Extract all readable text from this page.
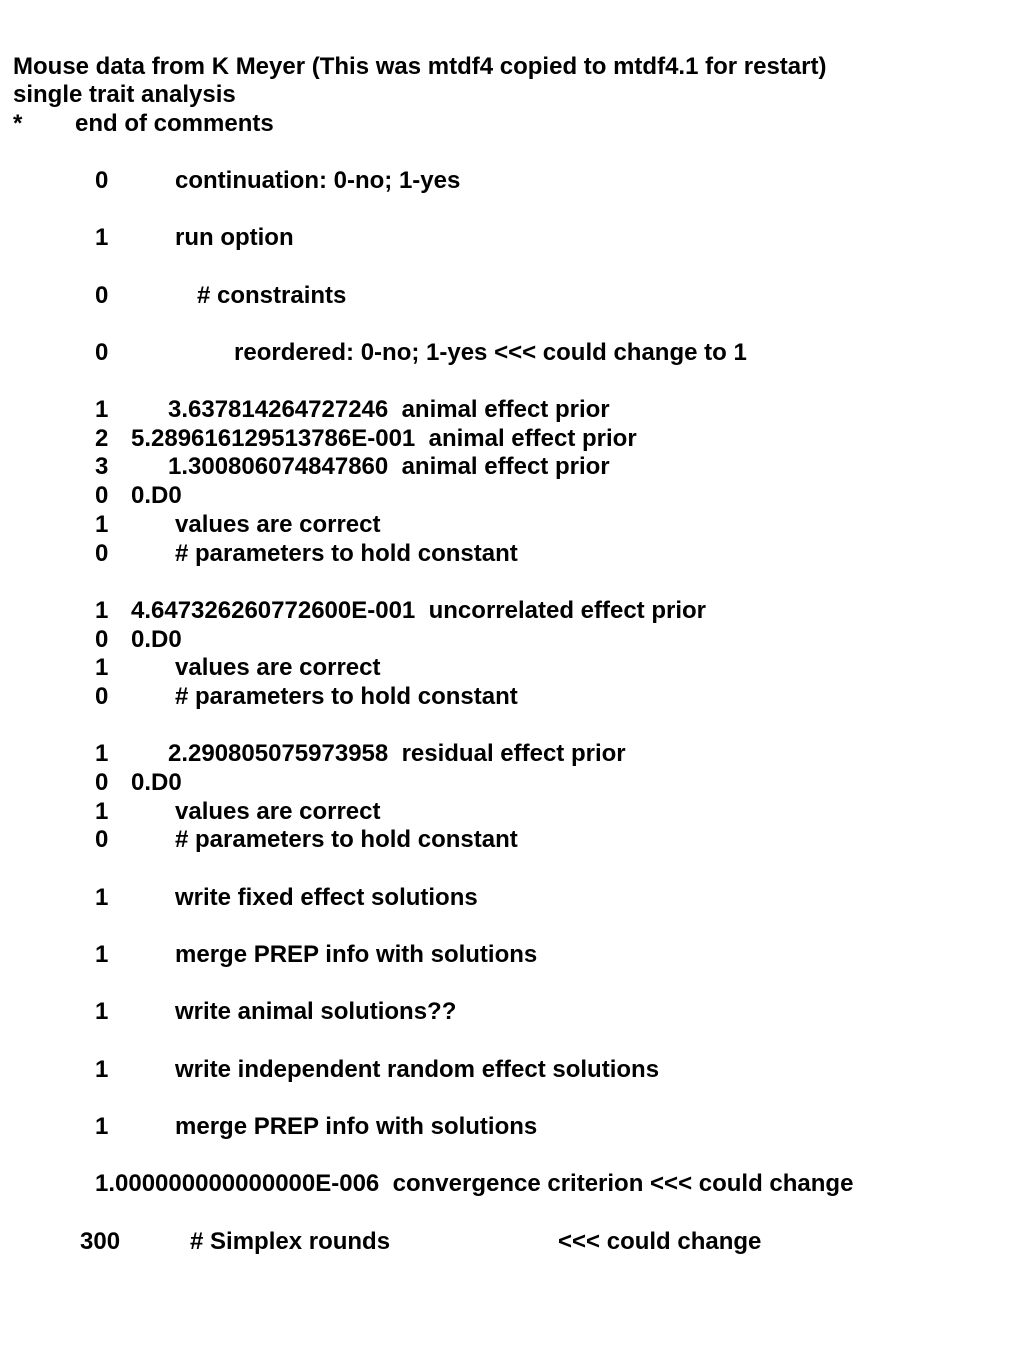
Mouse data from K Meyer (This was mtdf4 copied to mtdf4.1 for restart)
single trait analysis
* end of comments
0	continuation: 0-no; 1-yes
1	run option
0	# constraints
0	reordered: 0-no; 1-yes <<< could change to 1
1 3.637814264727246  animal effect prior
2 5.289616129513786E-001  animal effect prior
3 1.300806074847860  animal effect prior
0 0.D0
1	values are correct
0	# parameters to hold constant
1 4.647326260772600E-001  uncorrelated effect prior
0 0.D0
1	values are correct
0	# parameters to hold constant
1 2.290805075973958  residual effect prior
0 0.D0
1	values are correct
0	# parameters to hold constant
1	write fixed effect solutions
1	merge PREP info with solutions
1	write animal solutions??
1	write independent random effect solutions
1	merge PREP info with solutions
1.000000000000000E-006  convergence criterion <<< could change
300	# Simplex rounds	<<< could change
